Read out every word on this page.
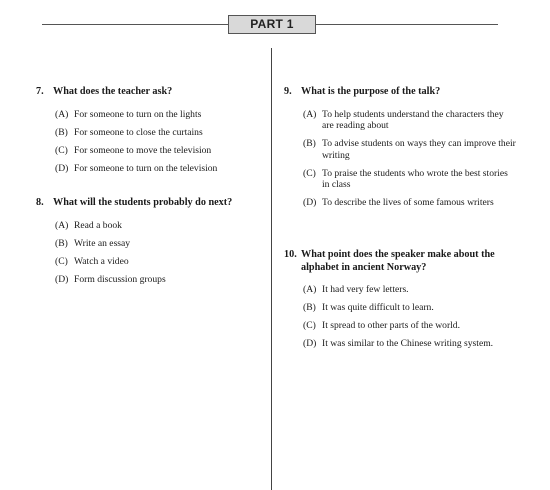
PART 1
7. What does the teacher ask?
(A) For someone to turn on the lights
(B) For someone to close the curtains
(C) For someone to move the television
(D) For someone to turn on the television
8. What will the students probably do next?
(A) Read a book
(B) Write an essay
(C) Watch a video
(D) Form discussion groups
9. What is the purpose of the talk?
(A) To help students understand the characters they are reading about
(B) To advise students on ways they can improve their writing
(C) To praise the students who wrote the best stories in class
(D) To describe the lives of some famous writers
10. What point does the speaker make about the alphabet in ancient Norway?
(A) It had very few letters.
(B) It was quite difficult to learn.
(C) It spread to other parts of the world.
(D) It was similar to the Chinese writing system.
